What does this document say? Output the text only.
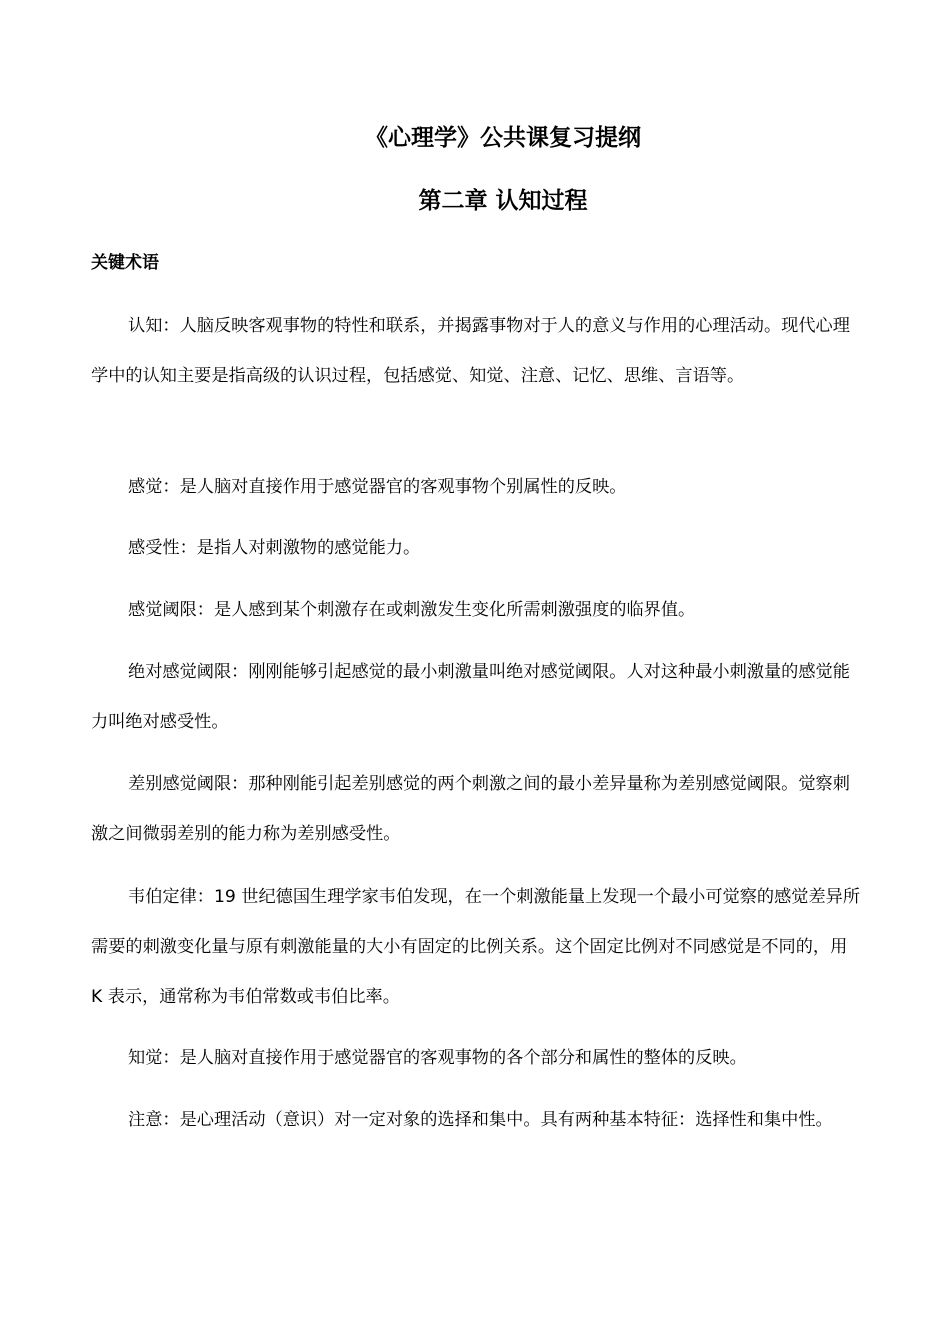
《心理学》公共课复习提纲
第二章 认知过程
关键术语

认知：人脑反映客观事物的特性和联系，并揭露事物对于人的意义与作用的心理活动。现代心理学中的认知主要是指高级的认识过程，包括感觉、知觉、注意、记忆、思维、言语等。

感觉：是人脑对直接作用于感觉器官的客观事物个别属性的反映。

感受性：是指人对刺激物的感觉能力。

感觉阈限：是人感到某个刺激存在或刺激发生变化所需刺激强度的临界值。

绝对感觉阈限：刚刚能够引起感觉的最小刺激量叫绝对感觉阈限。人对这种最小刺激量的感觉能力叫绝对感受性。

差别感觉阈限：那种刚能引起差别感觉的两个刺激之间的最小差异量称为差别感觉阈限。觉察刺激之间微弱差别的能力称为差别感受性。

韦伯定律：19 世纪德国生理学家韦伯发现，在一个刺激能量上发现一个最小可觉察的感觉差异所需要的刺激变化量与原有刺激能量的大小有固定的比例关系。这个固定比例对不同感觉是不同的，用 K 表示，通常称为韦伯常数或韦伯比率。

知觉：是人脑对直接作用于感觉器官的客观事物的各个部分和属性的整体的反映。

注意：是心理活动（意识）对一定对象的选择和集中。具有两种基本特征：选择性和集中性。
